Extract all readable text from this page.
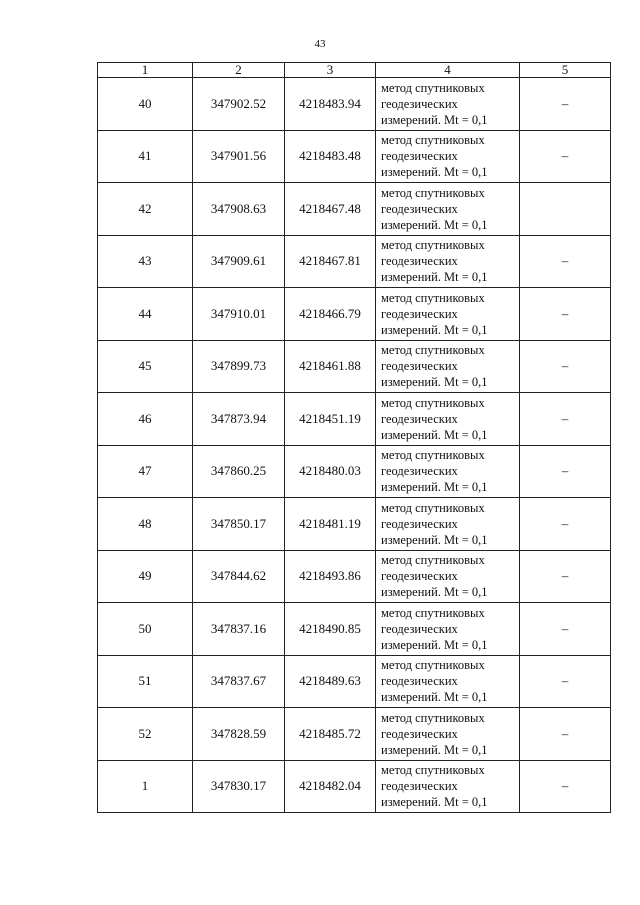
43
1	2	3	4	5
40	347902.52	4218483.94	метод спутниковых
геодезических
измерений. Mt = 0,1	–
41	347901.56	4218483.48	метод спутниковых
геодезических
измерений. Mt = 0,1	–
42	347908.63	4218467.48	метод спутниковых
геодезических
измерений. Mt = 0,1	

43	347909.61	4218467.81	метод спутниковых
геодезических
измерений. Mt = 0,1	–
44	347910.01	4218466.79	метод спутниковых
геодезических
измерений. Mt = 0,1	–
45	347899.73	4218461.88	метод спутниковых
геодезических
измерений. Mt = 0,1	–
46	347873.94	4218451.19	метод спутниковых
геодезических
измерений. Mt = 0,1	–
47	347860.25	4218480.03	метод спутниковых
геодезических
измерений. Mt = 0,1	–
48	347850.17	4218481.19	метод спутниковых
геодезических
измерений. Mt = 0,1	–
49	347844.62	4218493.86	метод спутниковых
геодезических
измерений. Mt = 0,1	–
50	347837.16	4218490.85	метод спутниковых
геодезических
измерений. Mt = 0,1	–
51	347837.67	4218489.63	метод спутниковых
геодезических
измерений. Mt = 0,1	–
52	347828.59	4218485.72	метод спутниковых
геодезических
измерений. Mt = 0,1	–
1	347830.17	4218482.04	метод спутниковых
геодезических
измерений. Mt = 0,1	–
